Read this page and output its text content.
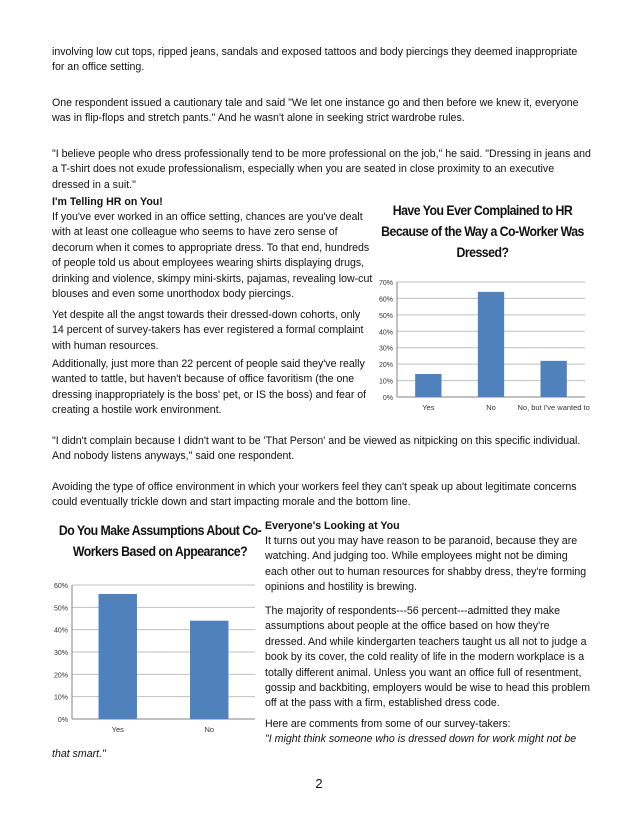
involving low cut tops, ripped jeans, sandals and exposed tattoos and body piercings they deemed inappropriate for an office setting.
One respondent issued a cautionary tale and said "We let one instance go and then before we knew it, everyone was in flip-flops and stretch pants." And he wasn't alone in seeking strict wardrobe rules.
"I believe people who dress professionally tend to be more professional on the job," he said. "Dressing in jeans and a T-shirt does not exude professionalism, especially when you are seated in close proximity to an executive dressed in a suit."
I'm Telling HR on You!
If you've ever worked in an office setting, chances are you've dealt with at least one colleague who seems to have zero sense of decorum when it comes to appropriate dress. To that end, hundreds of people told us about employees wearing shirts displaying drugs, drinking and violence, skimpy mini-skirts, pajamas, revealing low-cut blouses and even some unorthodox body piercings.
Yet despite all the angst towards their dressed-down cohorts, only 14 percent of survey-takers has ever registered a formal complaint with human resources.
Additionally, just more than 22 percent of people said they've really wanted to tattle, but haven't because of office favoritism (the one dressing inappropriately is the boss' pet, or IS the boss) and fear of creating a hostile work environment.
Have You Ever Complained to HR
Because of the Way a Co-Worker Was
Dressed?
0%
10%
20%
30%
40%
50%
60%
70%
Yes	No	No, but I've wanted to
"I didn't complain because I didn't want to be 'That Person' and be viewed as nitpicking on this specific individual. And nobody listens anyways," said one respondent.
Avoiding the type of office environment in which your workers feel they can't speak up about legitimate concerns could eventually trickle down and start impacting morale and the bottom line.
Do You Make Assumptions About Co-
Workers Based on Appearance?
0%
10%
20%
30%
40%
50%
60%
Yes	No
Everyone's Looking at You
It turns out you may have reason to be paranoid, because they are watching. And judging too. While employees might not be diming each other out to human resources for shabby dress, they're forming opinions and hostility is brewing.
The majority of respondents---56 percent---admitted they make assumptions about people at the office based on how they're dressed. And while kindergarten teachers taught us all not to judge a book by its cover, the cold reality of life in the modern workplace is a totally different animal. Unless you want an office full of resentment, gossip and backbiting, employers would be wise to head this problem off at the pass with a firm, established dress code.
Here are comments from some of our survey-takers:
"I might think someone who is dressed down for work might not be
that smart."
2
